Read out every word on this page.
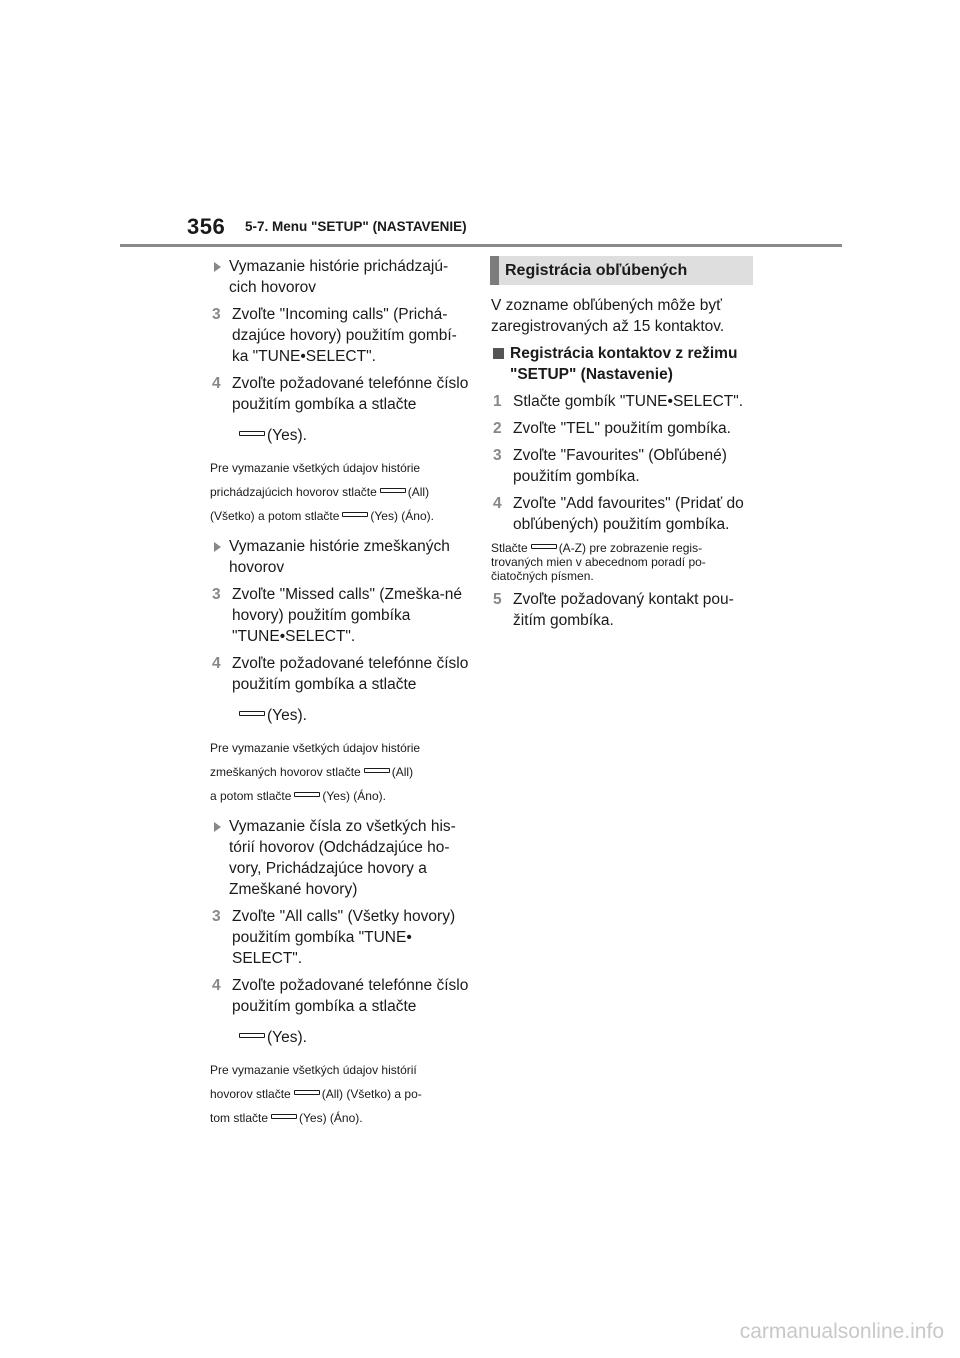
356 5-7. Menu "SETUP" (NASTAVENIE)
Vymazanie histórie prichádzajú-cich hovorov
3 Zvoľte "Incoming calls" (Prichá-dzajúce hovory) použitím gombí-ka "TUNE•SELECT".
4 Zvoľte požadované telefónne číslo použitím gombíka a stlačte
(Yes).
Pre vymazanie všetkých údajov histórie
prichádzajúcich hovorov stlačte	(All)
(Všetko) a potom stlačte	(Yes) (Áno).
Vymazanie histórie zmeškaných hovorov
3 Zvoľte "Missed calls" (Zmeška-né hovory) použitím gombíka "TUNE•SELECT".
4 Zvoľte požadované telefónne číslo použitím gombíka a stlačte
(Yes).
Pre vymazanie všetkých údajov histórie
zmeškaných hovorov stlačte	(All)
a potom stlačte	(Yes) (Áno).
Vymazanie čísla zo všetkých his-tórií hovorov (Odchádzajúce ho-vory, Prichádzajúce hovory a Zmeškané hovory)
3 Zvoľte "All calls" (Všetky hovory) použitím gombíka "TUNE• SELECT".
4 Zvoľte požadované telefónne číslo použitím gombíka a stlačte
(Yes).
Pre vymazanie všetkých údajov histórií
hovorov stlačte	(All) (Všetko) a po-
tom stlačte	(Yes) (Áno).
Registrácia obľúbených

V zozname obľúbených môže byť zaregistrovaných až 15 kontaktov.

Registrácia kontaktov z režimu "SETUP" (Nastavenie)
1 Stlačte gombík "TUNE•SELECT".
2 Zvoľte "TEL" použitím gombíka.
3 Zvoľte "Favourites" (Obľúbené) použitím gombíka.
4 Zvoľte "Add favourites" (Pridať do obľúbených) použitím gombíka.
Stlačte	(A-Z) pre zobrazenie regis-
trovaných mien v abecednom poradí po-
čiatočných písmen.
5 Zvoľte požadovaný kontakt pou-žitím gombíka.
carmanualsonline.info
